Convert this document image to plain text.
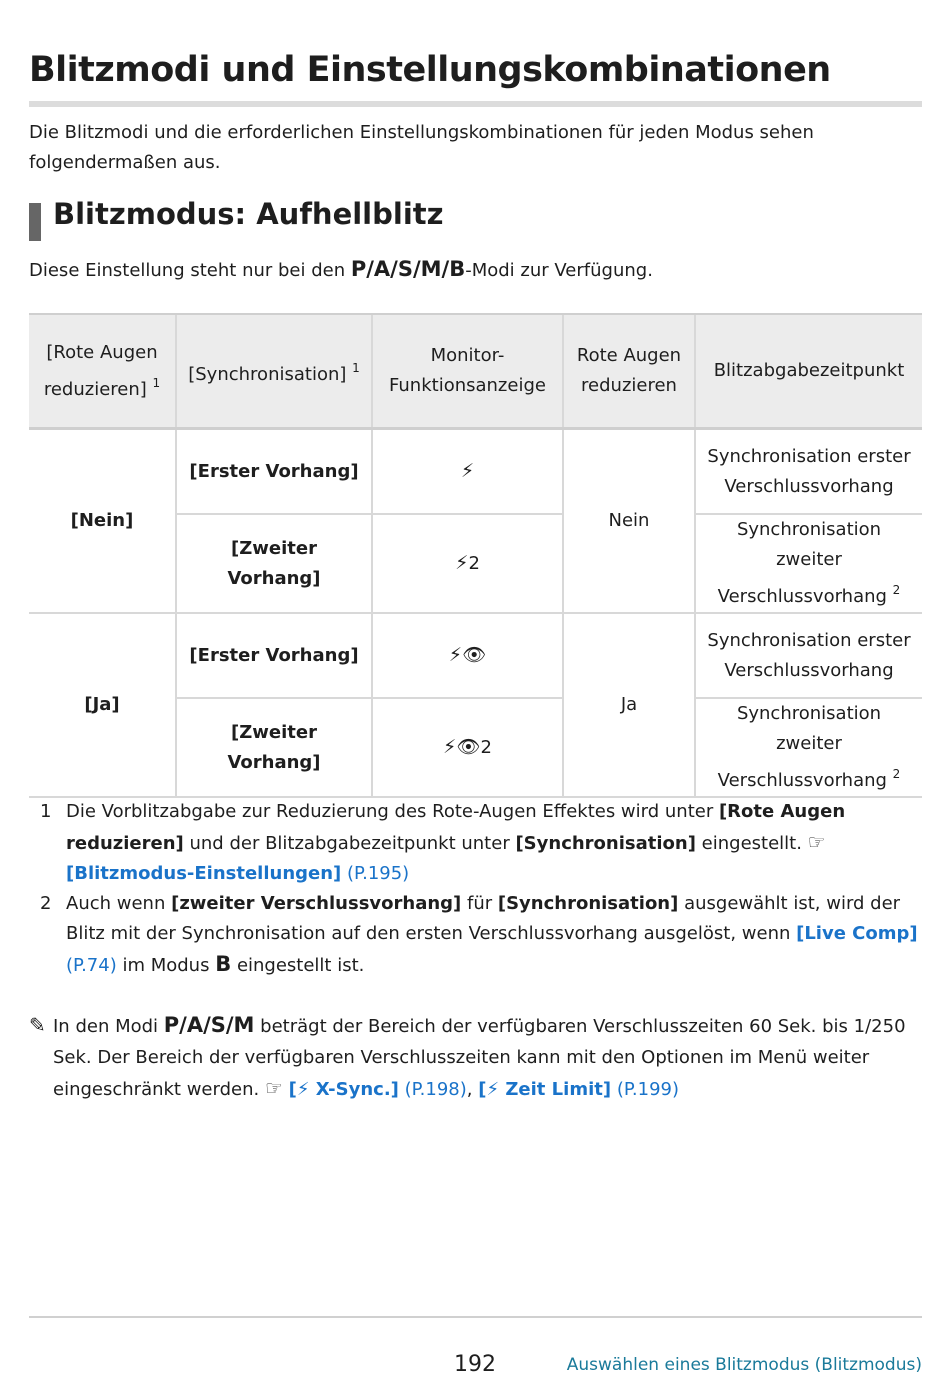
Blitzmodi und Einstellungskombinationen

Die Blitzmodi und die erforderlichen Einstellungskombinationen für jeden Modus sehen folgendermaßen aus.

Blitzmodus: Aufhellblitz

Diese Einstellung steht nur bei den P/A/S/M/B-Modi zur Verfügung.

[Rote Augen reduzieren] $^1$	[Synchronisation] $^1$	Monitor-Funktionsanzeige	Rote Augen reduzieren	Blitzabgabezeitpunkt
[Nein]	[Erster Vorhang]	⚡	Nein	Synchronisation erster Verschlussvorhang
	[Zweiter Vorhang]	⚡2		Synchronisation zweiter Verschlussvorhang $^2$
[Ja]	[Erster Vorhang]	⚡👁	Ja	Synchronisation erster Verschlussvorhang
	[Zweiter Vorhang]	⚡👁2		Synchronisation zweiter Verschlussvorhang $^2$
1 Die Vorblitzabgabe zur Reduzierung des Rote-Augen Effektes wird unter [Rote Augen reduzieren] und der Blitzabgabezeitpunkt unter [Synchronisation] eingestellt. ☞ [Blitzmodus-Einstellungen] (P.195)
2 Auch wenn [zweiter Verschlussvorhang] für [Synchronisation] ausgewählt ist, wird der Blitz mit der Synchronisation auf den ersten Verschlussvorhang ausgelöst, wenn [Live Comp] (P.74) im Modus B eingestellt ist.
✎ In den Modi P/A/S/M beträgt der Bereich der verfügbaren Verschlusszeiten 60 Sek. bis 1/250 Sek. Der Bereich der verfügbaren Verschlusszeiten kann mit den Optionen im Menü weiter eingeschränkt werden. ☞ [⚡ X-Sync.] (P.198), [⚡ Zeit Limit] (P.199)
192	Auswählen eines Blitzmodus (Blitzmodus)
